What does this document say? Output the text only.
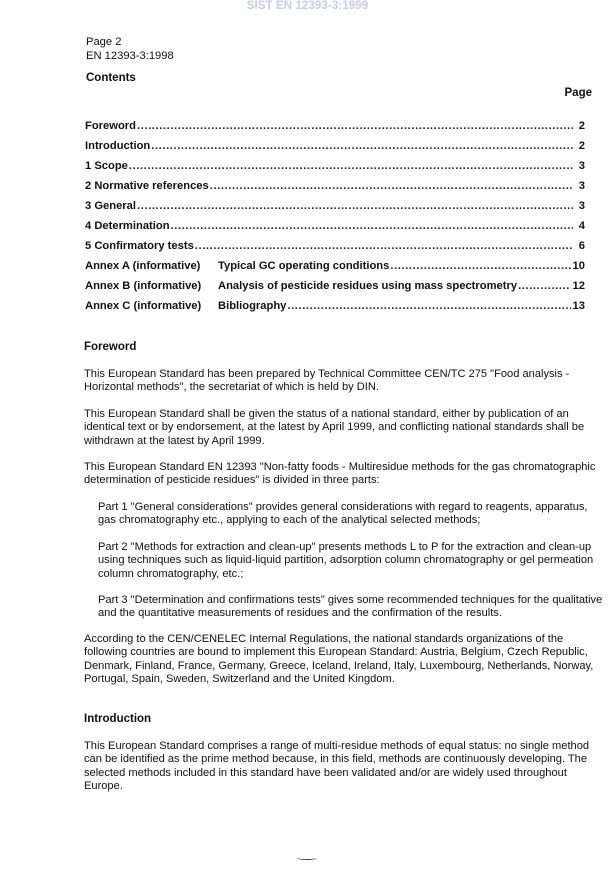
SIST EN 12393-3:1999
Page 2
EN 12393-3:1998
Contents
Page
Foreword .....	2
Introduction .....	2
1 Scope .....	3
2 Normative references .....	3
3 General .....	3
4 Determination .....	4
5 Confirmatory tests .....	6
Annex A (informative)	Typical GC operating conditions .....	10
Annex B (informative)	Analysis of pesticide residues using mass spectrometry .....	12
Annex C (informative)	Bibliography .....	13
Foreword
This European Standard has been prepared by Technical Committee CEN/TC 275 "Food analysis - Horizontal methods", the secretariat of which is held by DIN.
This European Standard shall be given the status of a national standard, either by publication of an identical text or by endorsement, at the latest by April 1999, and conflicting national standards shall be withdrawn at the latest by April 1999.
This European Standard EN 12393 "Non-fatty foods - Multiresidue methods for the gas chromatographic determination of pesticide residues" is divided in three parts:
Part 1 "General considerations" provides general considerations with regard to reagents, apparatus, gas chromatography etc., applying to each of the analytical selected methods;
Part 2 "Methods for extraction and clean-up" presents methods L to P for the extraction and clean-up using techniques such as liquid-liquid partition, adsorption column chromatography or gel permeation column chromatography, etc.;
Part 3 "Determination and confirmations tests" gives some recommended techniques for the qualitative and the quantitative measurements of residues and the confirmation of the results.
According to the CEN/CENELEC Internal Regulations, the national standards organizations of the following countries are bound to implement this European Standard: Austria, Belgium, Czech Republic, Denmark, Finland, France, Germany, Greece, Iceland, Ireland, Italy, Luxembourg, Netherlands, Norway, Portugal, Spain, Sweden, Switzerland and the United Kingdom.
Introduction
This European Standard comprises a range of multi-residue methods of equal status: no single method can be identified as the prime method because, in this field, methods are continuously developing. The selected methods included in this standard have been validated and/or are widely used throughout Europe.
